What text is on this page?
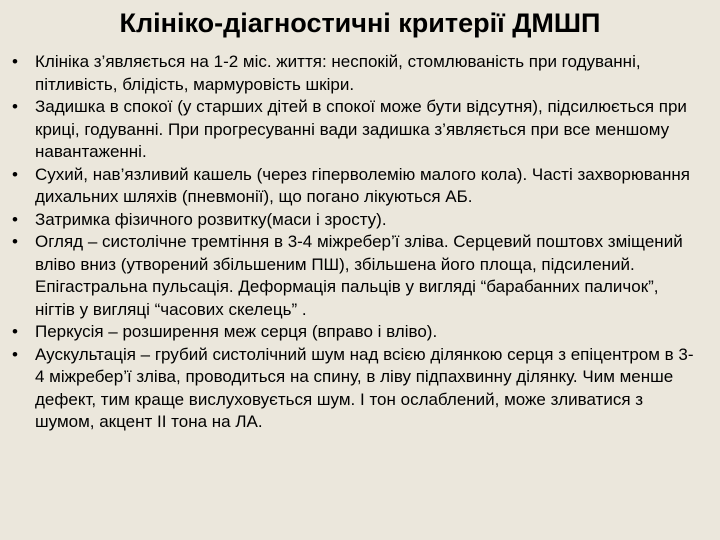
Клініко-діагностичні критерії ДМШП
• Клініка з’являється на 1-2 міс. життя: неспокій, стомлюваність при годуванні, пітливість, блідість, мармуровість шкіри.
• Задишка в спокої (у старших дітей в спокої може бути відсутня), підсилюється при криці, годуванні. При прогресуванні вади задишка з’являється при все меншому навантаженні.
• Сухий, нав’язливий кашель (через гіперволемію малого кола). Часті захворювання дихальних шляхів (пневмонії), що погано лікуються АБ.
• Затримка фізичного розвитку(маси і зросту).
• Огляд – систолічне тремтіння в 3-4 міжребер’ї зліва. Серцевий поштовх зміщений вліво вниз (утворений збільшеним ПШ), збільшена його площа, підсилений. Епігастральна пульсація. Деформація пальців у вигляді “барабанних паличок”, нігтів у вигляці “часових скелець” .
• Перкусія – розширення меж серця (вправо і вліво).
• Аускультація – грубий систолічний шум над всією ділянкою серця з епіцентром в 3-4 міжребер’ї зліва, проводиться на спину, в ліву підпахвинну ділянку. Чим менше дефект, тим краще вислуховується шум. І тон ослаблений, може зливатися з шумом, акцент ІІ тона на ЛА.
